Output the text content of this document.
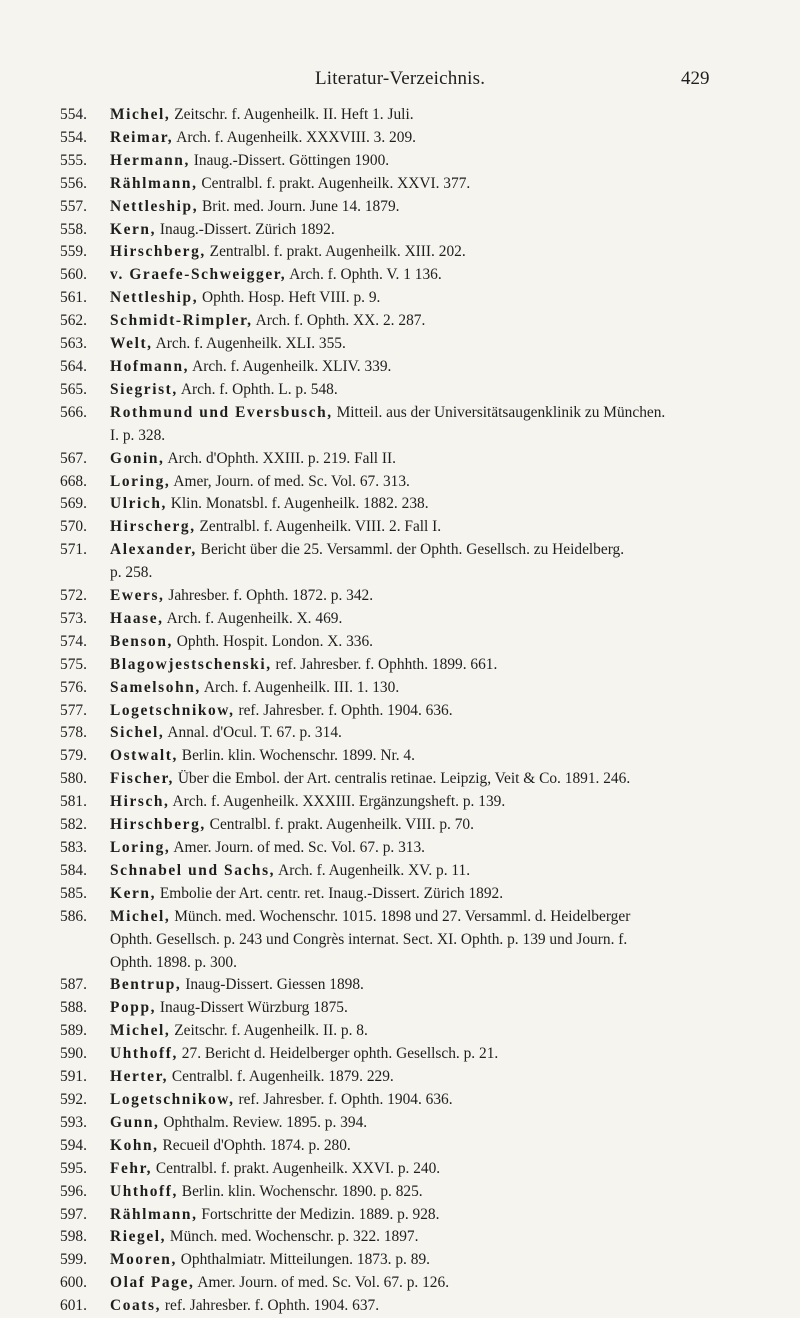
Literatur-Verzeichnis.	429
554. Michel, Zeitschr. f. Augenheilk. II. Heft 1. Juli.
554. Reimar, Arch. f. Augenheilk. XXXVIII. 3. 209.
555. Hermann, Inaug.-Dissert. Göttingen 1900.
556. Rählmann, Centralbl. f. prakt. Augenheilk. XXVI. 377.
557. Nettleship, Brit. med. Journ. June 14. 1879.
558. Kern, Inaug.-Dissert. Zürich 1892.
559. Hirschberg, Zentralbl. f. prakt. Augenheilk. XIII. 202.
560. v. Graefe-Schweigger, Arch. f. Ophth. V. 1 136.
561. Nettleship, Ophth. Hosp. Heft VIII. p. 9.
562. Schmidt-Rimpler, Arch. f. Ophth. XX. 2. 287.
563. Welt, Arch. f. Augenheilk. XLI. 355.
564. Hofmann, Arch. f. Augenheilk. XLIV. 339.
565. Siegrist, Arch. f. Ophth. L. p. 548.
566. Rothmund und Eversbusch, Mitteil. aus der Universitätsaugenklinik zu München.
I. p. 328.
567. Gonin, Arch. d'Ophth. XXIII. p. 219. Fall II.
668. Loring, Amer, Journ. of med. Sc. Vol. 67. 313.
569. Ulrich, Klin. Monatsbl. f. Augenheilk. 1882. 238.
570. Hirscherg, Zentralbl. f. Augenheilk. VIII. 2. Fall I.
571. Alexander, Bericht über die 25. Versamml. der Ophth. Gesellsch. zu Heidelberg.
p. 258.
572. Ewers, Jahresber. f. Ophth. 1872. p. 342.
573. Haase, Arch. f. Augenheilk. X. 469.
574. Benson, Ophth. Hospit. London. X. 336.
575. Blagowjestschenski, ref. Jahresber. f. Ophhth. 1899. 661.
576. Samelsohn, Arch. f. Augenheilk. III. 1. 130.
577. Logetschnikow, ref. Jahresber. f. Ophth. 1904. 636.
578. Sichel, Annal. d'Ocul. T. 67. p. 314.
579. Ostwalt, Berlin. klin. Wochenschr. 1899. Nr. 4.
580. Fischer, Über die Embol. der Art. centralis retinae. Leipzig, Veit & Co. 1891. 246.
581. Hirsch, Arch. f. Augenheilk. XXXIII. Ergänzungsheft. p. 139.
582. Hirschberg, Centralbl. f. prakt. Augenheilk. VIII. p. 70.
583. Loring, Amer. Journ. of med. Sc. Vol. 67. p. 313.
584. Schnabel und Sachs, Arch. f. Augenheilk. XV. p. 11.
585. Kern, Embolie der Art. centr. ret. Inaug.-Dissert. Zürich 1892.
586. Michel, Münch. med. Wochenschr. 1015. 1898 und 27. Versamml. d. Heidelberger
Ophth. Gesellsch. p. 243 und Congrès internat. Sect. XI. Ophth. p. 139 und Journ. f.
Ophth. 1898. p. 300.
587. Bentrup, Inaug-Dissert. Giessen 1898.
588. Popp, Inaug-Dissert Würzburg 1875.
589. Michel, Zeitschr. f. Augenheilk. II. p. 8.
590. Uhthoff, 27. Bericht d. Heidelberger ophth. Gesellsch. p. 21.
591. Herter, Centralbl. f. Augenheilk. 1879. 229.
592. Logetschnikow, ref. Jahresber. f. Ophth. 1904. 636.
593. Gunn, Ophthalm. Review. 1895. p. 394.
594. Kohn, Recueil d'Ophth. 1874. p. 280.
595. Fehr, Centralbl. f. prakt. Augenheilk. XXVI. p. 240.
596. Uhthoff, Berlin. klin. Wochenschr. 1890. p. 825.
597. Rählmann, Fortschritte der Medizin. 1889. p. 928.
598. Riegel, Münch. med. Wochenschr. p. 322. 1897.
599. Mooren, Ophthalmiatr. Mitteilungen. 1873. p. 89.
600. Olaf Page, Amer. Journ. of med. Sc. Vol. 67. p. 126.
601. Coats, ref. Jahresber. f. Ophth. 1904. 637.
